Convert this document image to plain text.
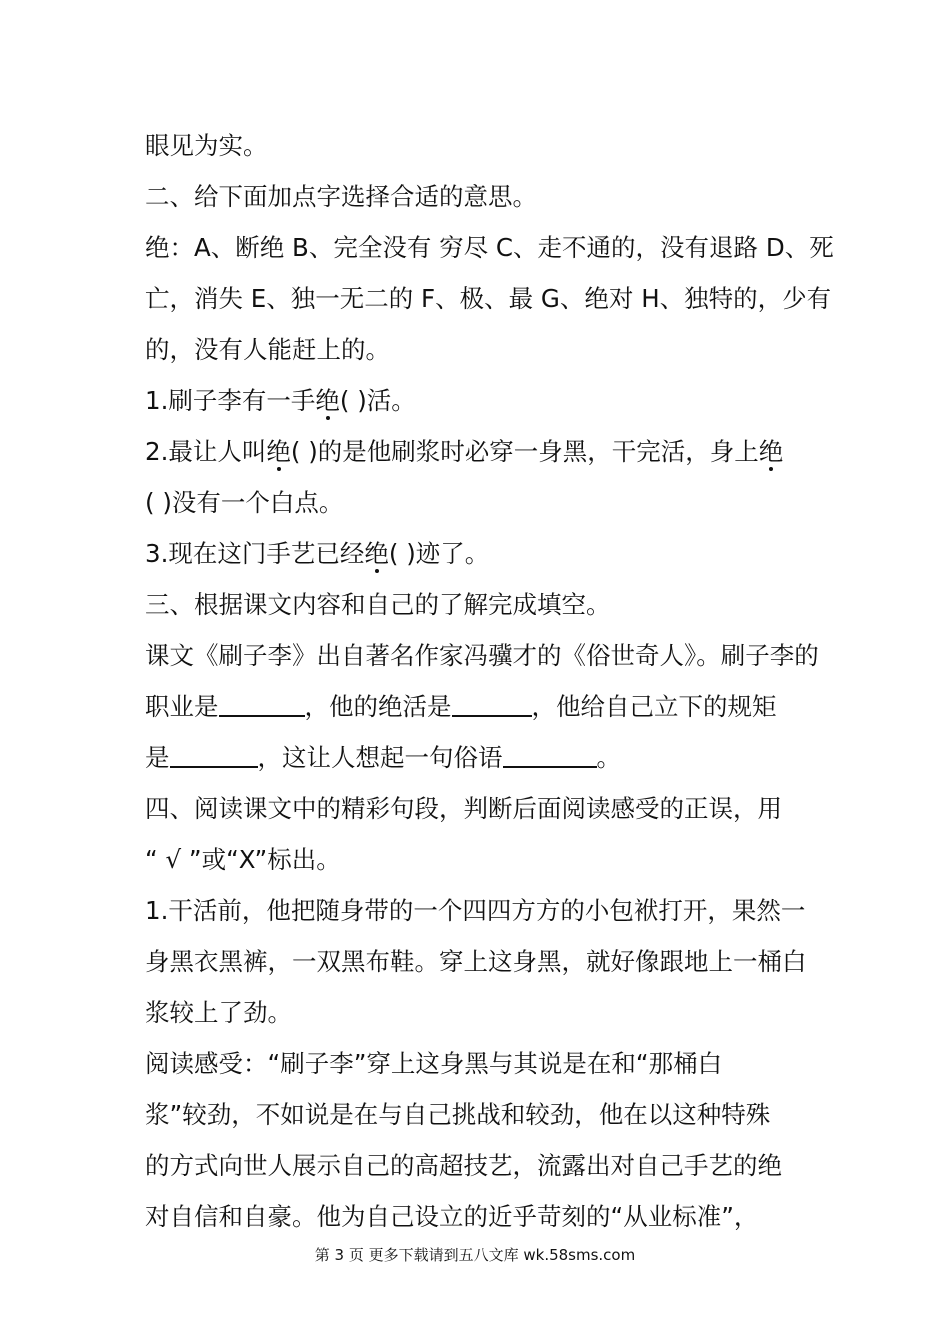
眼见为实。
二、给下面加点字选择合适的意思。
绝：A、断绝 B、完全没有 穷尽 C、走不通的，没有退路 D、死
亡，消失 E、独一无二的 F、极、最 G、绝对 H、独特的，少有
的，没有人能赶上的。
1.刷子李有一手绝( )活。
2.最让人叫绝( )的是他刷浆时必穿一身黑，干完活，身上绝
( )没有一个白点。
3.现在这门手艺已经绝( )迹了。
三、根据课文内容和自己的了解完成填空。
课文《刷子李》出自著名作家冯骥才的《俗世奇人》。刷子李的
职业是	，他的绝活是	，他给自己立下的规矩
是	，这让人想起一句俗语	。
四、阅读课文中的精彩句段，判断后面阅读感受的正误，用
“ √ ”或“X”标出。
1.干活前，他把随身带的一个四四方方的小包袱打开，果然一
身黑衣黑裤，一双黑布鞋。穿上这身黑，就好像跟地上一桶白
浆较上了劲。
阅读感受：“刷子李”穿上这身黑与其说是在和“那桶白
浆”较劲，不如说是在与自己挑战和较劲，他在以这种特殊
的方式向世人展示自己的高超技艺，流露出对自己手艺的绝
对自信和自豪。他为自己设立的近乎苛刻的“从业标准”，
第 3 页 更多下载请到五八文库 wk.58sms.com
